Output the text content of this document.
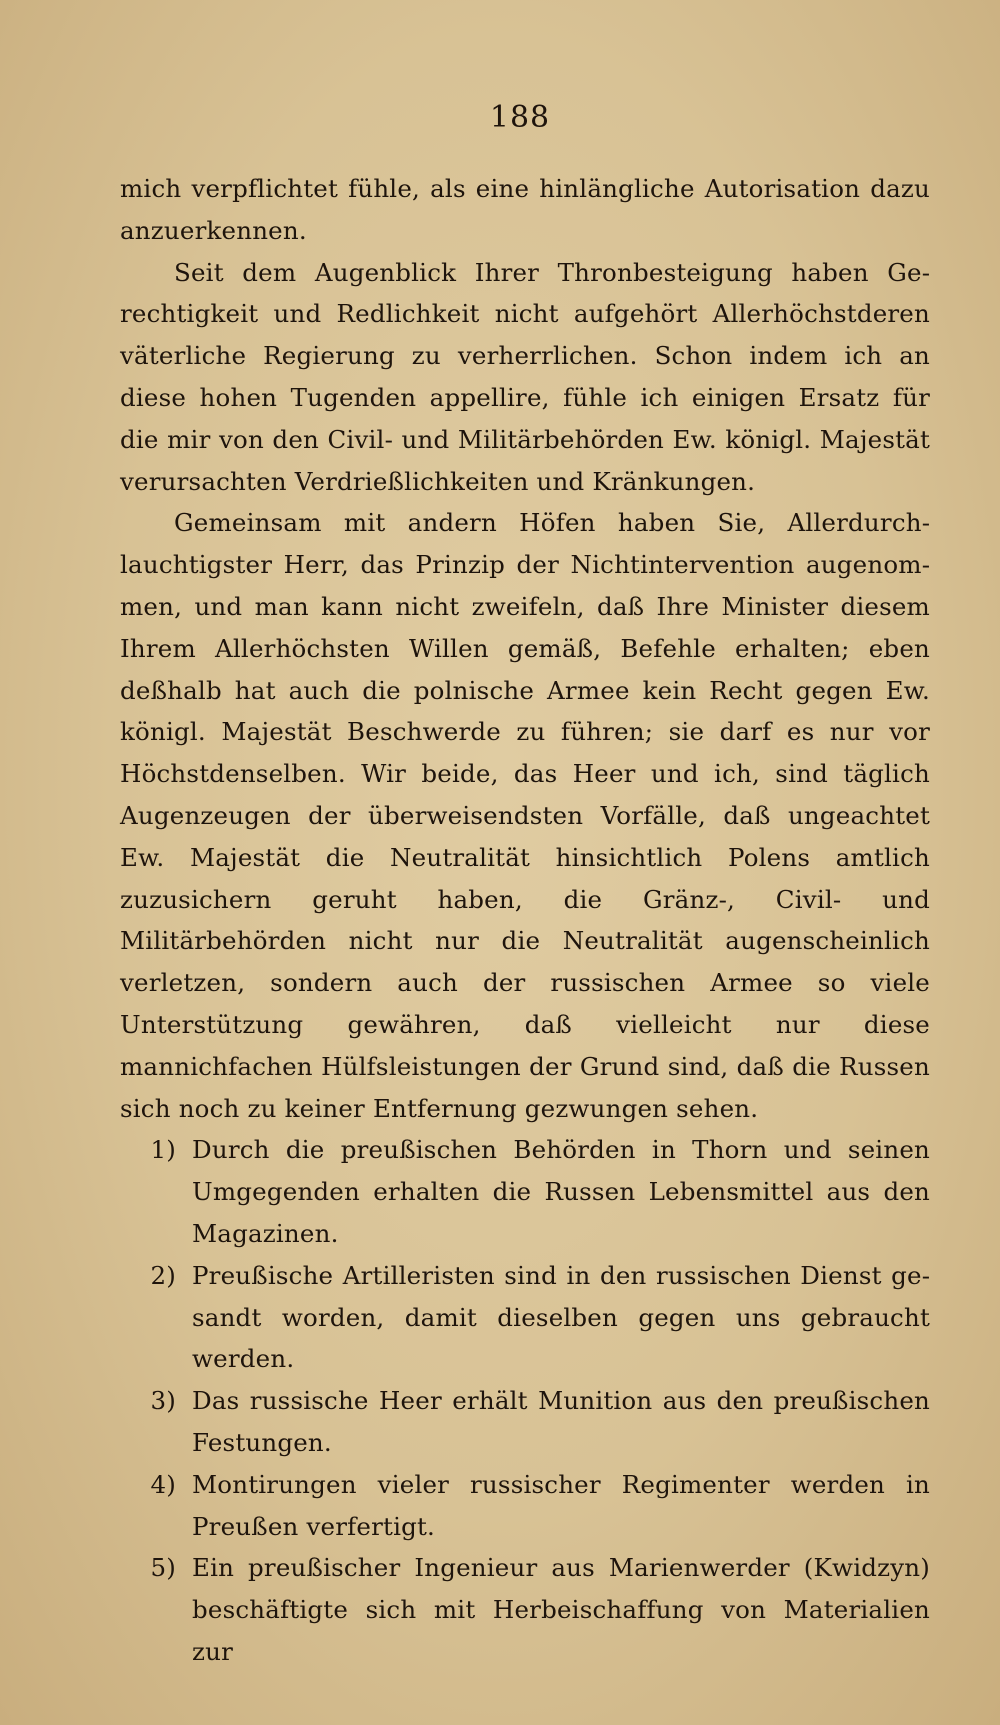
188

mich verpflichtet fühle, als eine hinlängliche Autorisation dazu anzuerkennen.

Seit dem Augenblick Ihrer Thronbesteigung haben Gerechtigkeit und Redlichkeit nicht aufgehört Allerhöchstderen väterliche Regierung zu verherrlichen. Schon indem ich an diese hohen Tugenden appellire, fühle ich einigen Ersatz für die mir von den Civil- und Militärbehörden Ew. königl. Majestät verursachten Verdrießlichkeiten und Kränkungen.

Gemeinsam mit andern Höfen haben Sie, Allerdurchlauchtigster Herr, das Prinzip der Nichtintervention augenommen, und man kann nicht zweifeln, daß Ihre Minister diesem Ihrem Allerhöchsten Willen gemäß, Befehle erhalten; eben deßhalb hat auch die polnische Armee kein Recht gegen Ew. königl. Majestät Beschwerde zu führen; sie darf es nur vor Höchstdenselben. Wir beide, das Heer und ich, sind täglich Augenzeugen der überweisendsten Vorfälle, daß ungeachtet Ew. Majestät die Neutralität hinsichtlich Polens amtlich zuzusichern geruht haben, die Gränz-, Civil- und Militärbehörden nicht nur die Neutralität augenscheinlich verletzen, sondern auch der russischen Armee so viele Unterstützung gewähren, daß vielleicht nur diese mannichfachen Hülfsleistungen der Grund sind, daß die Russen sich noch zu keiner Entfernung gezwungen sehen.

1) Durch die preußischen Behörden in Thorn und seinen Umgegenden erhalten die Russen Lebensmittel aus den Magazinen.
2) Preußische Artilleristen sind in den russischen Dienst gesandt worden, damit dieselben gegen uns gebraucht werden.
3) Das russische Heer erhält Munition aus den preußischen Festungen.
4) Montirungen vieler russischer Regimenter werden in Preußen verfertigt.
5) Ein preußischer Ingenieur aus Marienwerder (Kwidzyn) beschäftigte sich mit Herbeischaffung von Materialien zur
